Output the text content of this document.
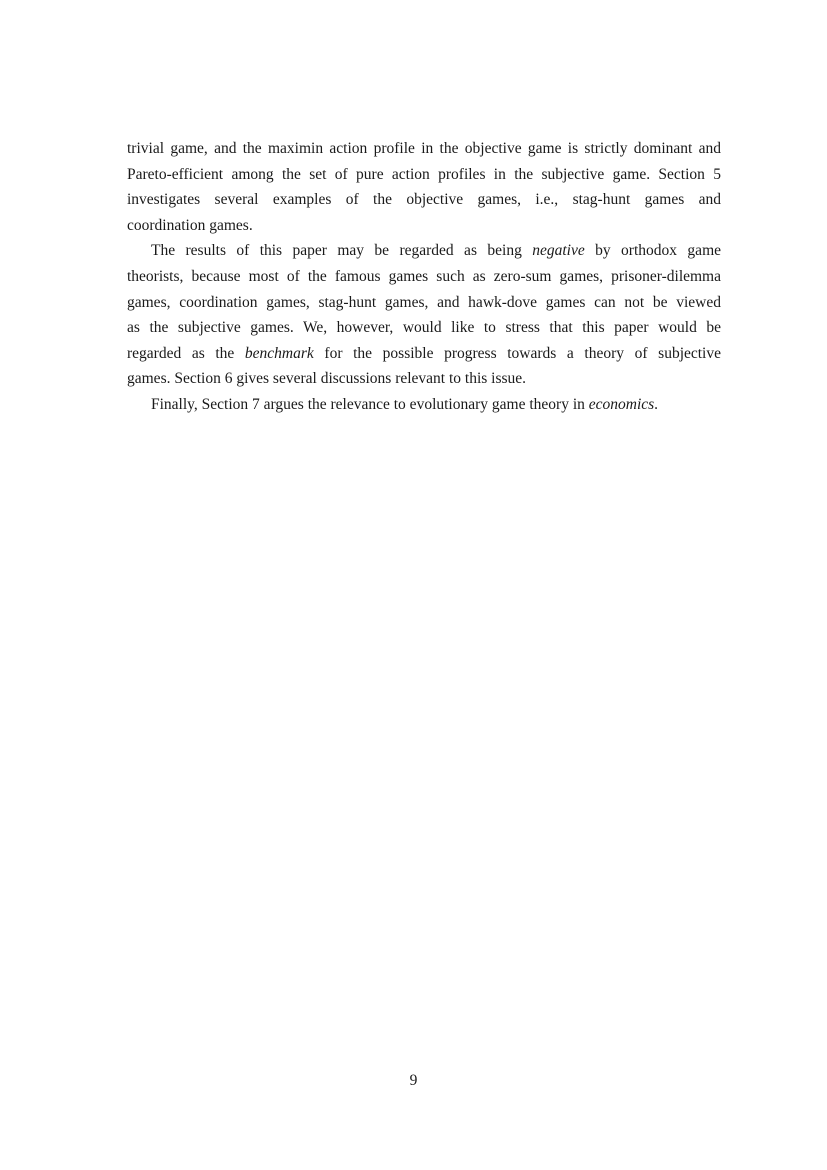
trivial game, and the maximin action profile in the objective game is strictly dominant and
Pareto-efficient among the set of pure action profiles in the subjective game. Section 5
investigates several examples of the objective games, i.e., stag-hunt games and
coordination games.

The results of this paper may be regarded as being negative by orthodox game
theorists, because most of the famous games such as zero-sum games, prisoner-dilemma
games, coordination games, stag-hunt games, and hawk-dove games can not be viewed
as the subjective games. We, however, would like to stress that this paper would be
regarded as the benchmark for the possible progress towards a theory of subjective
games. Section 6 gives several discussions relevant to this issue.

Finally, Section 7 argues the relevance to evolutionary game theory in economics.

9
